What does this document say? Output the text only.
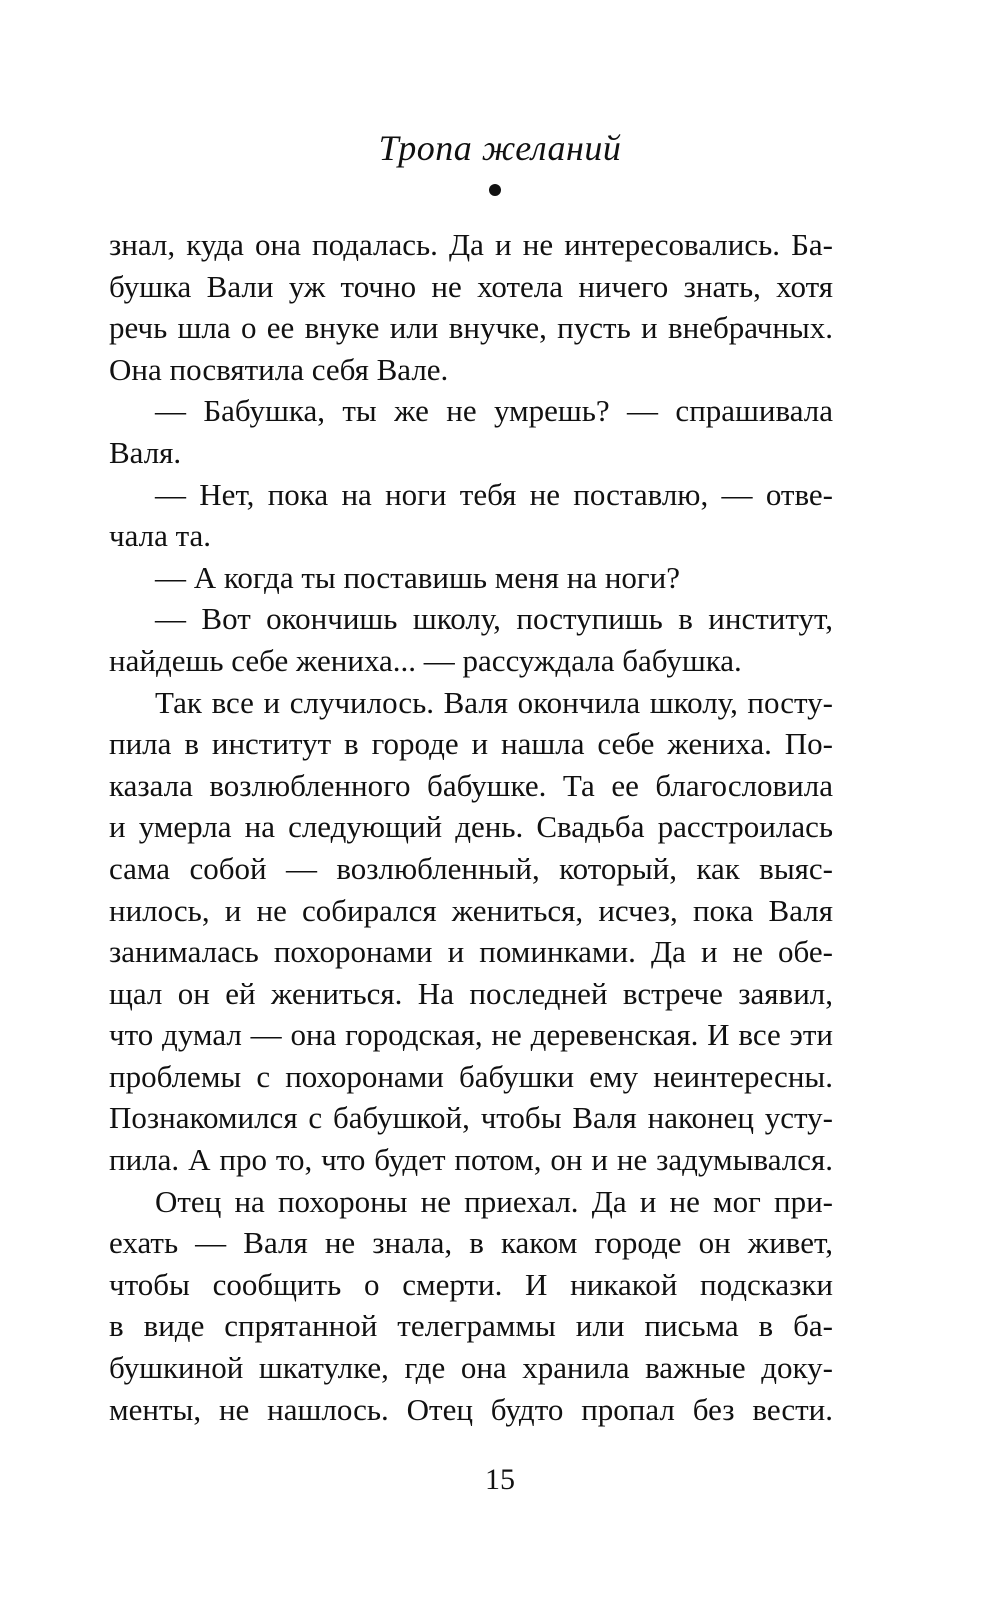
Тропа желаний
знал, куда она подалась. Да и не интересовались. Ба-
бушка Вали уж точно не хотела ничего знать, хотя
речь шла о ее внуке или внучке, пусть и внебрачных.
Она посвятила себя Вале.
— Бабушка, ты же не умрешь? — спрашивала
Валя.
— Нет, пока на ноги тебя не поставлю, — отве-
чала та.
— А когда ты поставишь меня на ноги?
— Вот окончишь школу, поступишь в институт,
найдешь себе жениха... — рассуждала бабушка.
Так все и случилось. Валя окончила школу, посту-
пила в институт в городе и нашла себе жениха. По-
казала возлюбленного бабушке. Та ее благословила
и умерла на следующий день. Свадьба расстроилась
сама собой — возлюбленный, который, как выяс-
нилось, и не собирался жениться, исчез, пока Валя
занималась похоронами и поминками. Да и не обе-
щал он ей жениться. На последней встрече заявил,
что думал — она городская, не деревенская. И все эти
проблемы с похоронами бабушки ему неинтересны.
Познакомился с бабушкой, чтобы Валя наконец усту-
пила. А про то, что будет потом, он и не задумывался.
Отец на похороны не приехал. Да и не мог при-
ехать — Валя не знала, в каком городе он живет,
чтобы сообщить о смерти. И никакой подсказки
в виде спрятанной телеграммы или письма в ба-
бушкиной шкатулке, где она хранила важные доку-
менты, не нашлось. Отец будто пропал без вести.
15
